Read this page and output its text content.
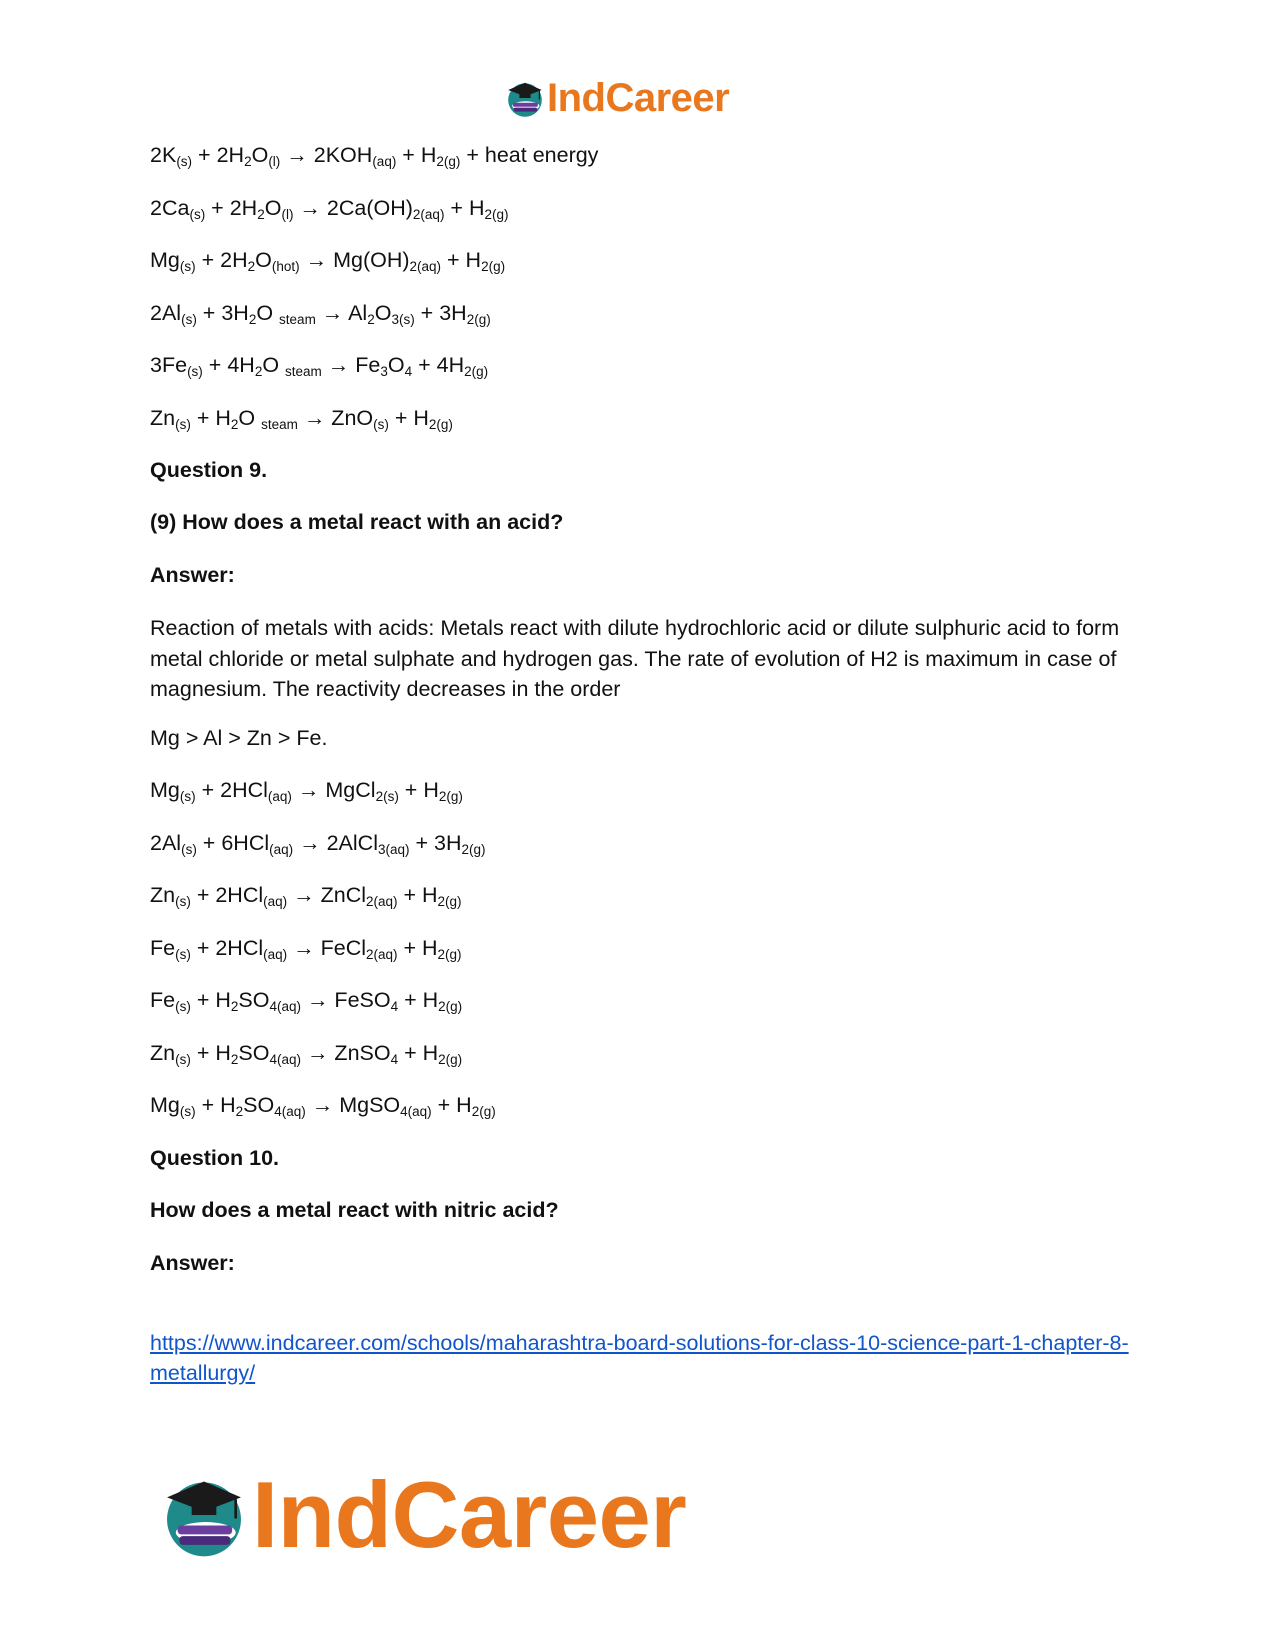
IndCareer
$2K_{(s)} + 2H_2O_{(l)} \to 2KOH_{(aq)} + H_{2(g)}$ + heat energy
$2Ca_{(s)} + 2H_2O_{(l)} \to 2Ca(OH)_{2(aq)} + H_{2(g)}$
$Mg_{(s)} + 2H_2O_{(hot)} \to Mg(OH)_{2(aq)} + H_{2(g)}$
$2Al_{(s)} + 3H_2O$ $_{steam} \to Al_2O_{3(s)} + 3H_{2(g)}$
$3Fe_{(s)} + 4H_2O$ $_{steam} \to Fe_3O_4 + 4H_{2(g)}$
$Zn_{(s)} + H_2O$ $_{steam} \to ZnO_{(s)} + H_{2(g)}$
Question 9.
(9) How does a metal react with an acid?
Answer:
Reaction of metals with acids: Metals react with dilute hydrochloric acid or dilute sulphuric acid to form metal chloride or metal sulphate and hydrogen gas. The rate of evolution of H2 is maximum in case of magnesium. The reactivity decreases in the order
Mg > Al > Zn > Fe.
$Mg_{(s)} + 2HCl_{(aq)}$ → MgCl$_{2(s)}$ + $H_{2(g)}$
$2Al_{(s)} + 6HCl_{(aq)}$ → 2AlCl$_{3(aq)}$ + $3H_{2(g)}$
$Zn_{(s)} + 2HCl_{(aq)}$ → ZnCl$_{2(aq)}$ + $H_{2(g)}$
$Fe_{(s)} + 2HCl_{(aq)}$ → FeCl$_{2(aq)}$ + $H_{2(g)}$
$Fe_{(s)} + H_2SO_{4(aq)}$ → FeSO$_4$ + $H_{2(g)}$
$Zn_{(s)} + H_2SO_{4(aq)}$ → ZnSO$_4$ + $H_{2(g)}$
$Mg_{(s)} + H_2SO_{4(aq)}$ → MgSO$_{4(aq)}$ + $H_{2(g)}$
Question 10.
How does a metal react with nitric acid?
Answer:
https://www.indcareer.com/schools/maharashtra-board-solutions-for-class-10-science-part-1-chapter-8-metallurgy/
IndCareer
